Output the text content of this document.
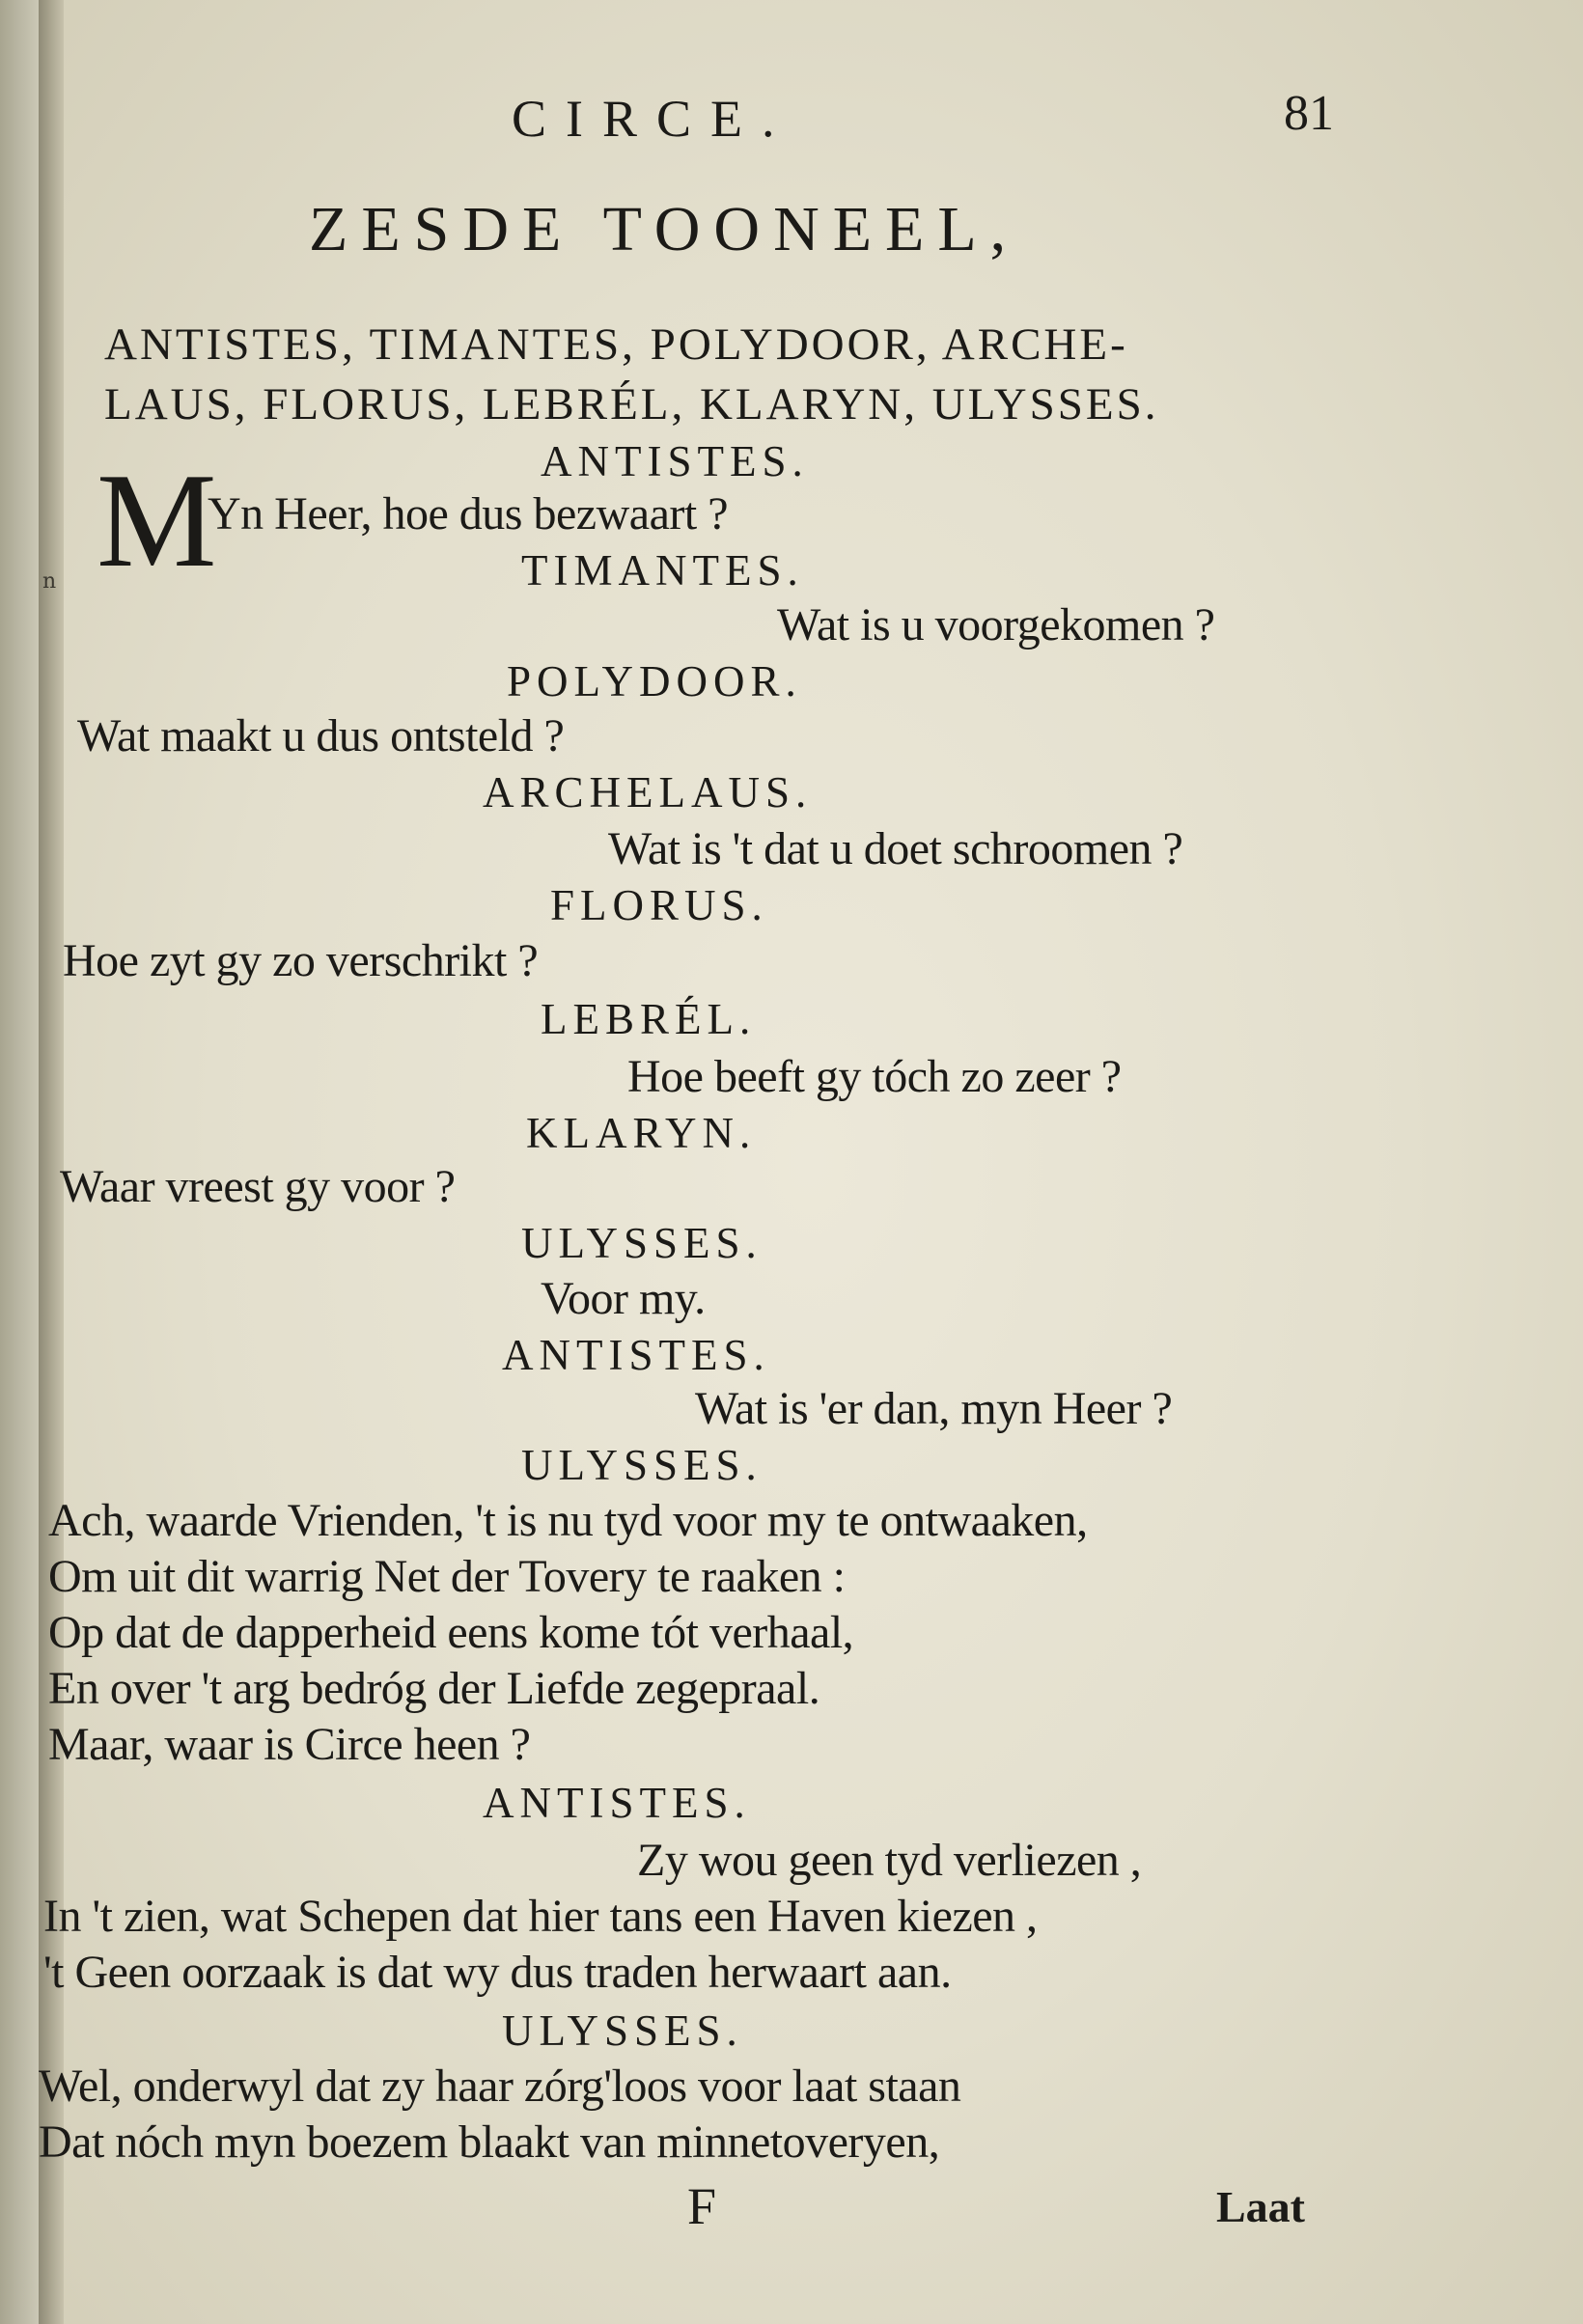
n
CIRCE.	81
ZESDE TOONEEL,
ANTISTES, TIMANTES, POLYDOOR, ARCHE-
LAUS, FLORUS, LEBRÉL, KLARYN, ULYSSES.
ANTISTES.
M
Yn Heer, hoe dus bezwaart ?
TIMANTES.
Wat is u voorgekomen ?
POLYDOOR.
Wat maakt u dus ontsteld ?
ARCHELAUS.
Wat is 't dat u doet schroomen ?
FLORUS.
Hoe zyt gy zo verschrikt ?
LEBRÉL.
Hoe beeft gy tóch zo zeer ?
KLARYN.
Waar vreest gy voor ?
ULYSSES.
Voor my.
ANTISTES.
Wat is 'er dan, myn Heer ?
ULYSSES.
Ach, waarde Vrienden, 't is nu tyd voor my te ontwaaken,
Om uit dit warrig Net der Tovery te raaken :
Op dat de dapperheid eens kome tót verhaal,
En over 't arg bedróg der Liefde zegepraal.
Maar, waar is Circe heen ?
ANTISTES.
Zy wou geen tyd verliezen ,
In 't zien, wat Schepen dat hier tans een Haven kiezen ,
't Geen oorzaak is dat wy dus traden herwaart aan.
ULYSSES.
Wel, onderwyl dat zy haar zórg'loos voor laat staan
Dat nóch myn boezem blaakt van minnetoveryen,
F	Laat
